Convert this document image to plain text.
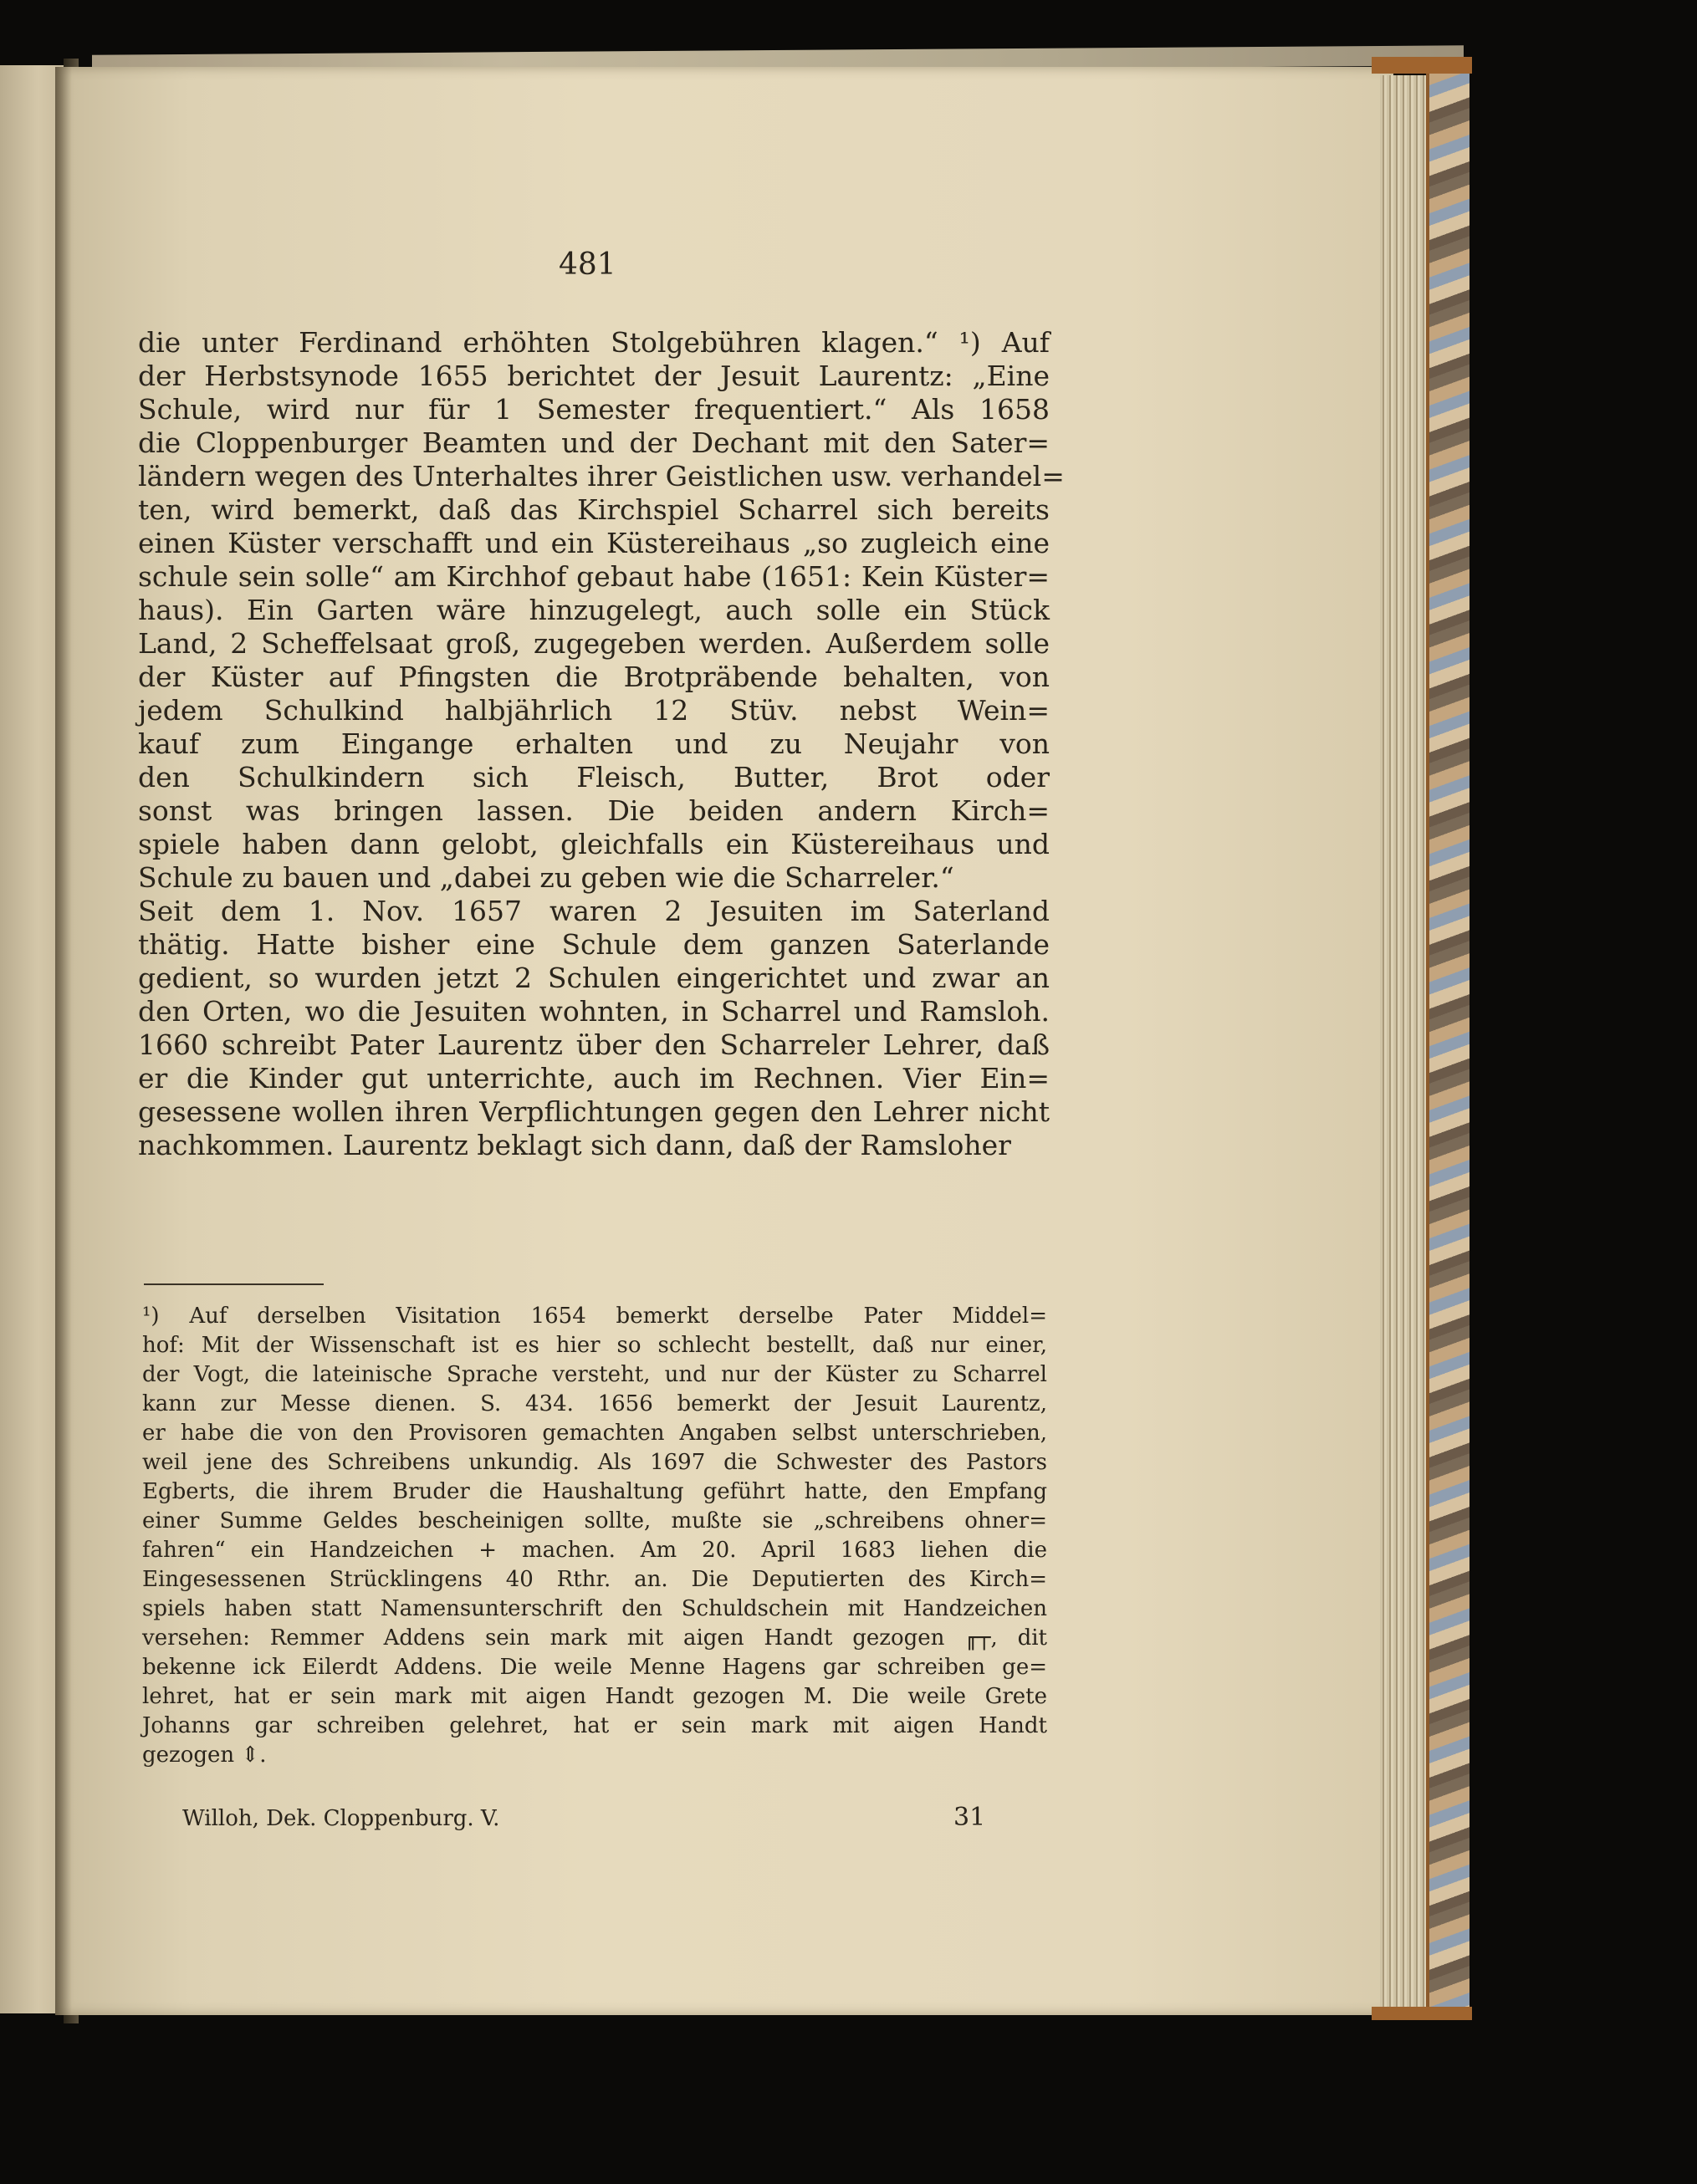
481
die unter Ferdinand erhöhten Stolgebühren klagen.“ ¹) Auf
der Herbstsynode 1655 berichtet der Jesuit Laurentz: „Eine
Schule, wird nur für 1 Semester frequentiert.“ Als 1658
die Cloppenburger Beamten und der Dechant mit den Sater=
ländern wegen des Unterhaltes ihrer Geistlichen usw. verhandel=
ten, wird bemerkt, daß das Kirchspiel Scharrel sich bereits
einen Küster verschafft und ein Küstereihaus „so zugleich eine
schule sein solle“ am Kirchhof gebaut habe (1651: Kein Küster=
haus). Ein Garten wäre hinzugelegt, auch solle ein Stück
Land, 2 Scheffelsaat groß, zugegeben werden. Außerdem solle
der Küster auf Pfingsten die Brotpräbende behalten, von
jedem Schulkind halbjährlich 12 Stüv. nebst Wein=
kauf zum Eingange erhalten und zu Neujahr von
den Schulkindern sich Fleisch, Butter, Brot oder
sonst was bringen lassen. Die beiden andern Kirch=
spiele haben dann gelobt, gleichfalls ein Küstereihaus und
Schule zu bauen und „dabei zu geben wie die Scharreler.“
Seit dem 1. Nov. 1657 waren 2 Jesuiten im Saterland
thätig. Hatte bisher eine Schule dem ganzen Saterlande
gedient, so wurden jetzt 2 Schulen eingerichtet und zwar an
den Orten, wo die Jesuiten wohnten, in Scharrel und Ramsloh.
1660 schreibt Pater Laurentz über den Scharreler Lehrer, daß
er die Kinder gut unterrichte, auch im Rechnen. Vier Ein=
gesessene wollen ihren Verpflichtungen gegen den Lehrer nicht
nachkommen. Laurentz beklagt sich dann, daß der Ramsloher
¹) Auf derselben Visitation 1654 bemerkt derselbe Pater Middel=
hof: Mit der Wissenschaft ist es hier so schlecht bestellt, daß nur einer,
der Vogt, die lateinische Sprache versteht, und nur der Küster zu Scharrel
kann zur Messe dienen. S. 434. 1656 bemerkt der Jesuit Laurentz,
er habe die von den Provisoren gemachten Angaben selbst unterschrieben,
weil jene des Schreibens unkundig. Als 1697 die Schwester des Pastors
Egberts, die ihrem Bruder die Haushaltung geführt hatte, den Empfang
einer Summe Geldes bescheinigen sollte, mußte sie „schreibens ohner=
fahren“ ein Handzeichen + machen. Am 20. April 1683 liehen die
Eingesessenen Strücklingens 40 Rthr. an. Die Deputierten des Kirch=
spiels haben statt Namensunterschrift den Schuldschein mit Handzeichen
versehen: Remmer Addens sein mark mit aigen Handt gezogen ╓┬, dit
bekenne ick Eilerdt Addens. Die weile Menne Hagens gar schreiben ge=
lehret, hat er sein mark mit aigen Handt gezogen M. Die weile Grete
Johanns gar schreiben gelehret, hat er sein mark mit aigen Handt
gezogen ⇕.
Willoh, Dek. Cloppenburg. V.	31
